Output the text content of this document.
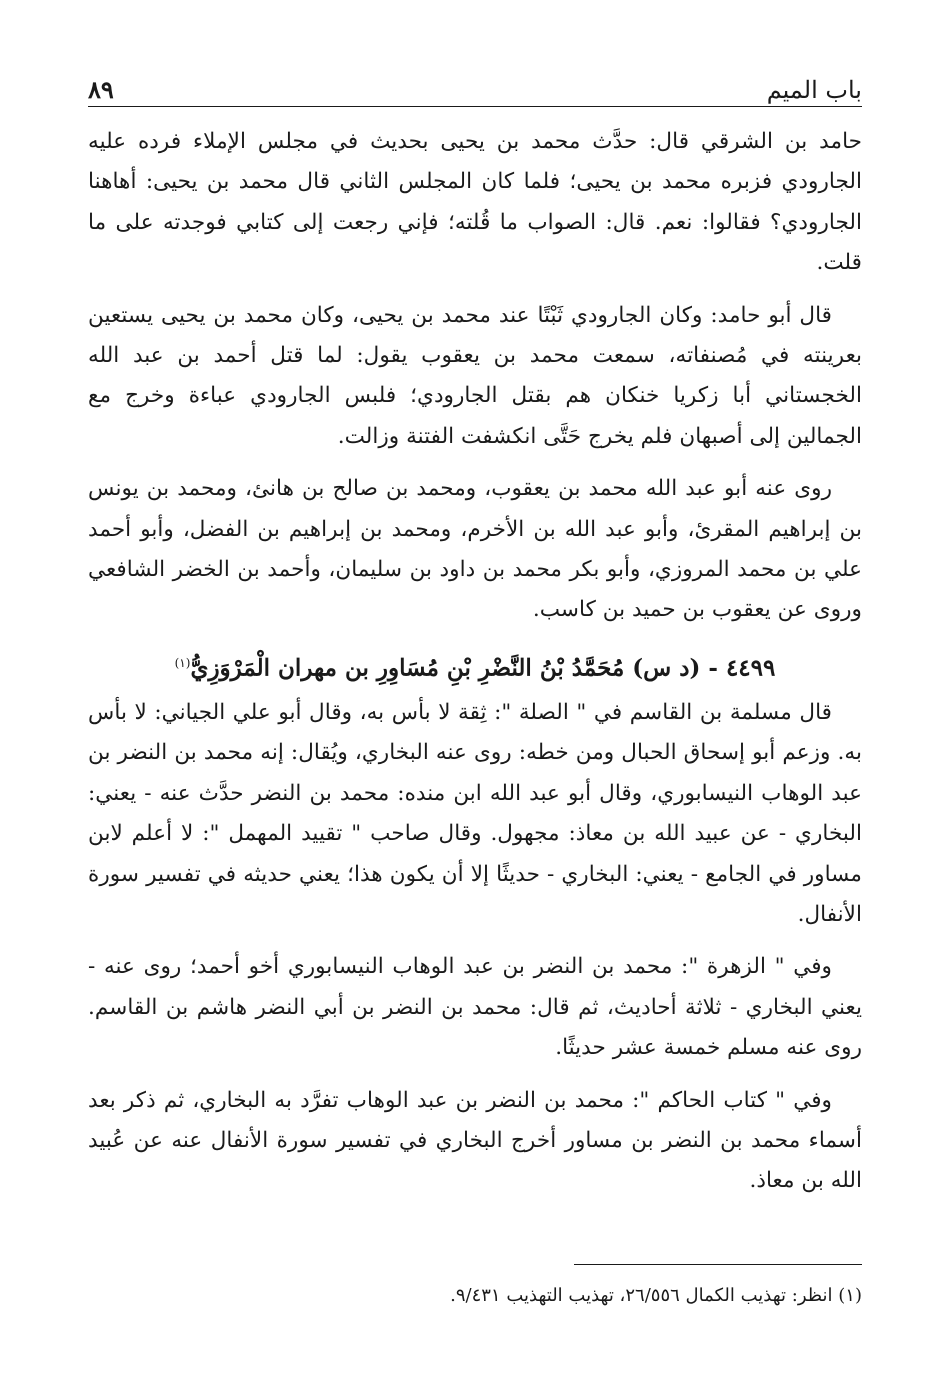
باب الميم
٨٩

حامد بن الشرقي قال: حدَّث محمد بن يحيى بحديث في مجلس الإملاء فرده عليه الجارودي فزبره محمد بن يحيى؛ فلما كان المجلس الثاني قال محمد بن يحيى: أهاهنا الجارودي؟ فقالوا: نعم. قال: الصواب ما قُلته؛ فإني رجعت إلى كتابي فوجدته على ما قلت.

قال أبو حامد: وكان الجارودي ثَبْتًا عند محمد بن يحيى، وكان محمد بن يحيى يستعين بعرينته في مُصنفاته، سمعت محمد بن يعقوب يقول: لما قتل أحمد بن عبد الله الخجستاني أبا زكريا خنكان هم بقتل الجارودي؛ فلبس الجارودي عباءة وخرج مع الجمالين إلى أصبهان فلم يخرج حَتَّى انكشفت الفتنة وزالت.

روى عنه أبو عبد الله محمد بن يعقوب، ومحمد بن صالح بن هانئ، ومحمد بن يونس بن إبراهيم المقرئ، وأبو عبد الله بن الأخرم، ومحمد بن إبراهيم بن الفضل، وأبو أحمد علي بن محمد المروزي، وأبو بكر محمد بن داود بن سليمان، وأحمد بن الخضر الشافعي وروى عن يعقوب بن حميد بن كاسب.

٤٤٩٩ - (د س) مُحَمَّدُ بْنُ النَّضْرِ بْنِ مُسَاوِرِ بن مهران الْمَرْوَزِيُّ$^{(١)}$

قال مسلمة بن القاسم في " الصلة ": ثِقة لا بأس به، وقال أبو علي الجياني: لا بأس به. وزعم أبو إسحاق الحبال ومن خطه: روى عنه البخاري، ويُقال: إنه محمد بن النضر بن عبد الوهاب النيسابوري، وقال أبو عبد الله ابن منده: محمد بن النضر حدَّث عنه - يعني: البخاري - عن عبيد الله بن معاذ: مجهول. وقال صاحب " تقييد المهمل ": لا أعلم لابن مساور في الجامع - يعني: البخاري - حديثًا إلا أن يكون هذا؛ يعني حديثه في تفسير سورة الأنفال.

وفي " الزهرة ": محمد بن النضر بن عبد الوهاب النيسابوري أخو أحمد؛ روى عنه - يعني البخاري - ثلاثة أحاديث، ثم قال: محمد بن النضر بن أبي النضر هاشم بن القاسم. روى عنه مسلم خمسة عشر حديثًا.

وفي " كتاب الحاكم ": محمد بن النضر بن عبد الوهاب تفرَّد به البخاري، ثم ذكر بعد أسماء محمد بن النضر بن مساور أخرج البخاري في تفسير سورة الأنفال عنه عن عُبيد الله بن معاذ.

(١) انظر: تهذيب الكمال ٢٦/٥٥٦، تهذيب التهذيب ٩/٤٣١.
